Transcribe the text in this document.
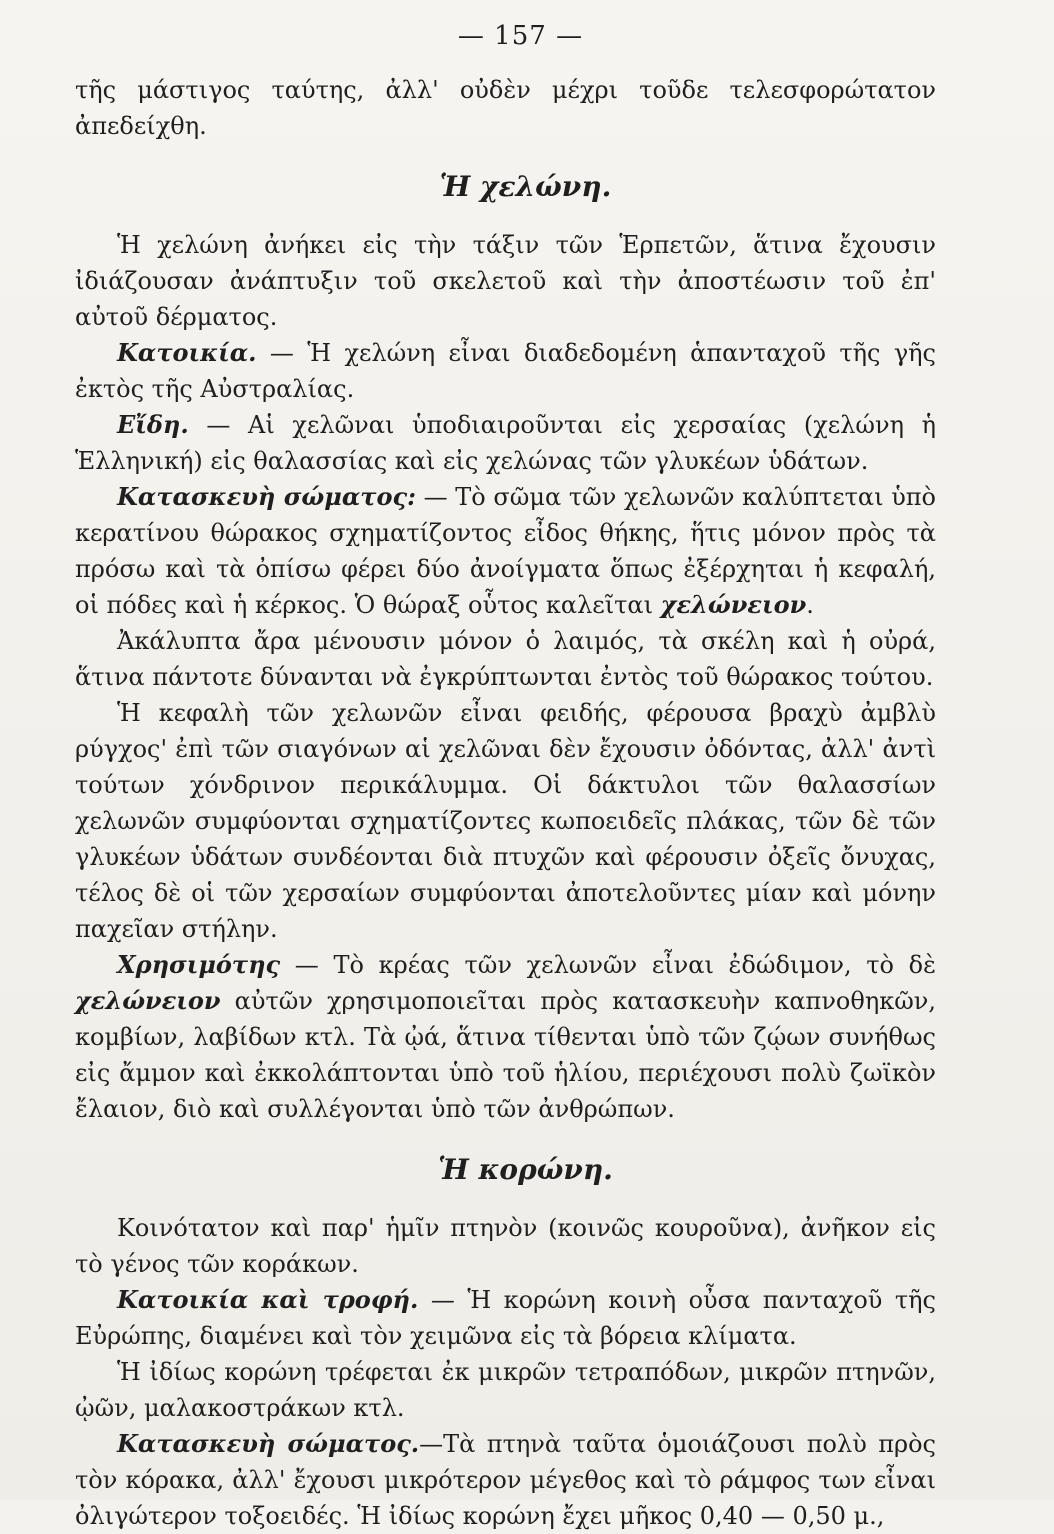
— 157 —

τῆς μάστιγος ταύτης, ἀλλ' οὐδὲν μέχρι τοῦδε τελεσφορώτατον ἀπεδείχθη.

Ἡ χελώνη.

Ἡ χελώνη ἀνήκει εἰς τὴν τάξιν τῶν Ἑρπετῶν, ἅτινα ἔχουσιν ἰδιάζουσαν ἀνάπτυξιν τοῦ σκελετοῦ καὶ τὴν ἀποστέωσιν τοῦ ἐπ' αὐτοῦ δέρματος.

Κατοικία. — Ἡ χελώνη εἶναι διαδεδομένη ἁπανταχοῦ τῆς γῆς ἐκτὸς τῆς Αὐστραλίας.

Εἴδη. — Αἱ χελῶναι ὑποδιαιροῦνται εἰς χερσαίας (χελώνη ἡ Ἑλληνική) εἰς θαλασσίας καὶ εἰς χελώνας τῶν γλυκέων ὑδάτων.

Κατασκευὴ σώματος: — Τὸ σῶμα τῶν χελωνῶν καλύπτεται ὑπὸ κερατίνου θώρακος σχηματίζοντος εἶδος θήκης, ἥτις μόνον πρὸς τὰ πρόσω καὶ τὰ ὀπίσω φέρει δύο ἀνοίγματα ὅπως ἐξέρχηται ἡ κεφαλή, οἱ πόδες καὶ ἡ κέρκος. Ὁ θώραξ οὗτος καλεῖται χελώνειον.

Ἀκάλυπτα ἄρα μένουσιν μόνον ὁ λαιμός, τὰ σκέλη καὶ ἡ οὐρά, ἅτινα πάντοτε δύνανται νὰ ἐγκρύπτωνται ἐντὸς τοῦ θώρακος τούτου.

Ἡ κεφαλὴ τῶν χελωνῶν εἶναι φειδής, φέρουσα βραχὺ ἀμβλὺ ρύγχος' ἐπὶ τῶν σιαγόνων αἱ χελῶναι δὲν ἔχουσιν ὀδόντας, ἀλλ' ἀντὶ τούτων χόνδρινον περικάλυμμα. Οἱ δάκτυλοι τῶν θαλασσίων χελωνῶν συμφύονται σχηματίζοντες κωποειδεῖς πλάκας, τῶν δὲ τῶν γλυκέων ὑδάτων συνδέονται διὰ πτυχῶν καὶ φέρουσιν ὀξεῖς ὄνυχας, τέλος δὲ οἱ τῶν χερσαίων συμφύονται ἀποτελοῦντες μίαν καὶ μόνην παχεῖαν στήλην.

Χρησιμότης — Τὸ κρέας τῶν χελωνῶν εἶναι ἐδώδιμον, τὸ δὲ χελώνειον αὐτῶν χρησιμοποιεῖται πρὸς κατασκευὴν καπνοθηκῶν, κομβίων, λαβίδων κτλ. Τὰ ᾠά, ἅτινα τίθενται ὑπὸ τῶν ζῴων συνήθως εἰς ἄμμον καὶ ἐκκολάπτονται ὑπὸ τοῦ ἡλίου, περιέχουσι πολὺ ζωϊκὸν ἔλαιον, διὸ καὶ συλλέγονται ὑπὸ τῶν ἀνθρώπων.

Ἡ κορώνη.

Κοινότατον καὶ παρ' ἡμῖν πτηνὸν (κοινῶς κουροῦνα), ἀνῆκον εἰς τὸ γένος τῶν κοράκων.

Κατοικία καὶ τροφή. — Ἡ κορώνη κοινὴ οὖσα πανταχοῦ τῆς Εὐρώπης, διαμένει καὶ τὸν χειμῶνα εἰς τὰ βόρεια κλίματα.

Ἡ ἰδίως κορώνη τρέφεται ἐκ μικρῶν τετραπόδων, μικρῶν πτηνῶν, ᾠῶν, μαλακοστράκων κτλ.

Κατασκευὴ σώματος.—Τὰ πτηνὰ ταῦτα ὁμοιάζουσι πολὺ πρὸς τὸν κόρακα, ἀλλ' ἔχουσι μικρότερον μέγεθος καὶ τὸ ράμφος των εἶναι ὀλιγώτερον τοξοειδές. Ἡ ἰδίως κορώνη ἔχει μῆκος 0,40 — 0,50 μ.,
